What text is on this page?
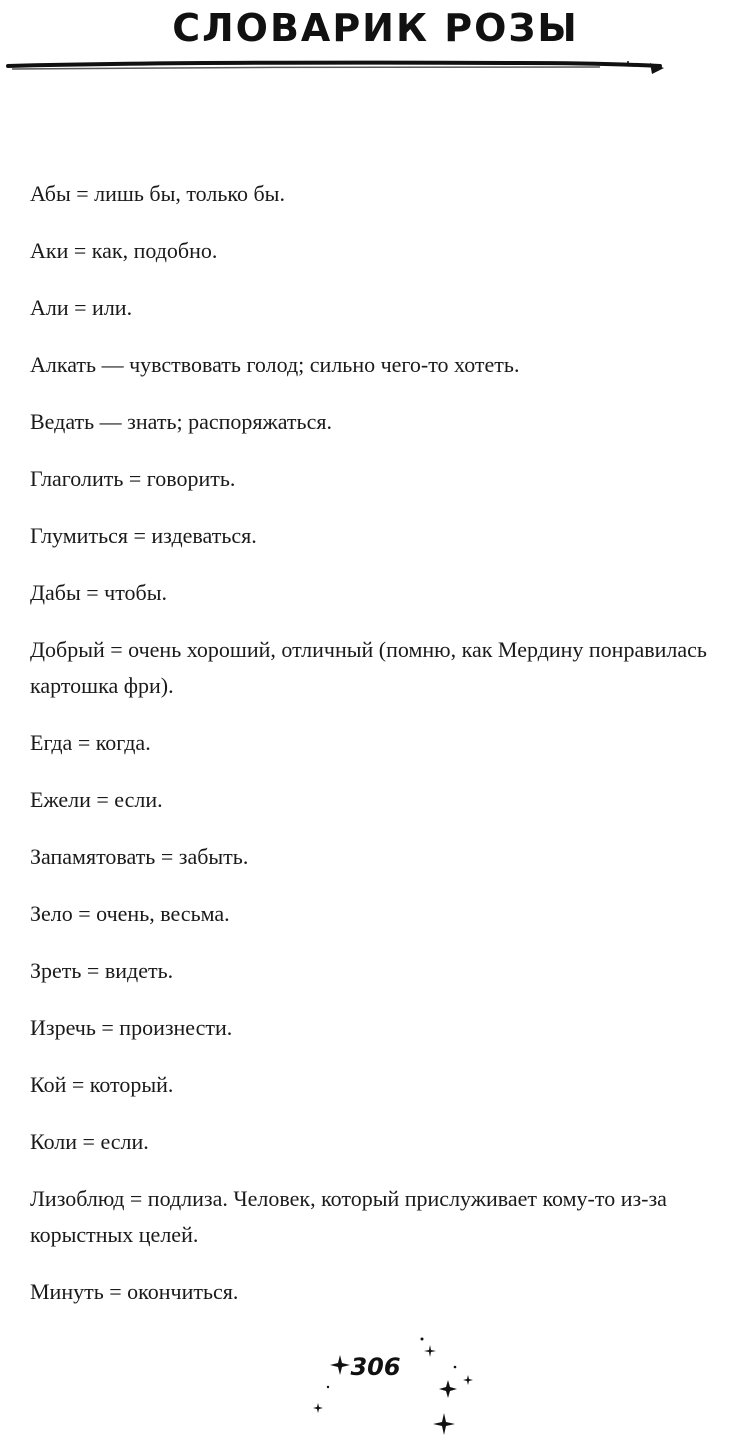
СЛОВАРИК РОЗЫ
Абы = лишь бы, только бы.
Аки = как, подобно.
Али = или.
Алкать — чувствовать голод; сильно чего-то хотеть.
Ведать — знать; распоряжаться.
Глаголить = говорить.
Глумиться = издеваться.
Дабы = чтобы.
Добрый = очень хороший, отличный (помню, как Мердину понравилась картошка фри).
Егда = когда.
Ежели = если.
Запамятовать = забыть.
Зело = очень, весьма.
Зреть = видеть.
Изречь = произнести.
Кой = который.
Коли = если.
Лизоблюд = подлиза. Человек, который прислуживает кому-то из-за корыстных целей.
Минуть = окончиться.
306
